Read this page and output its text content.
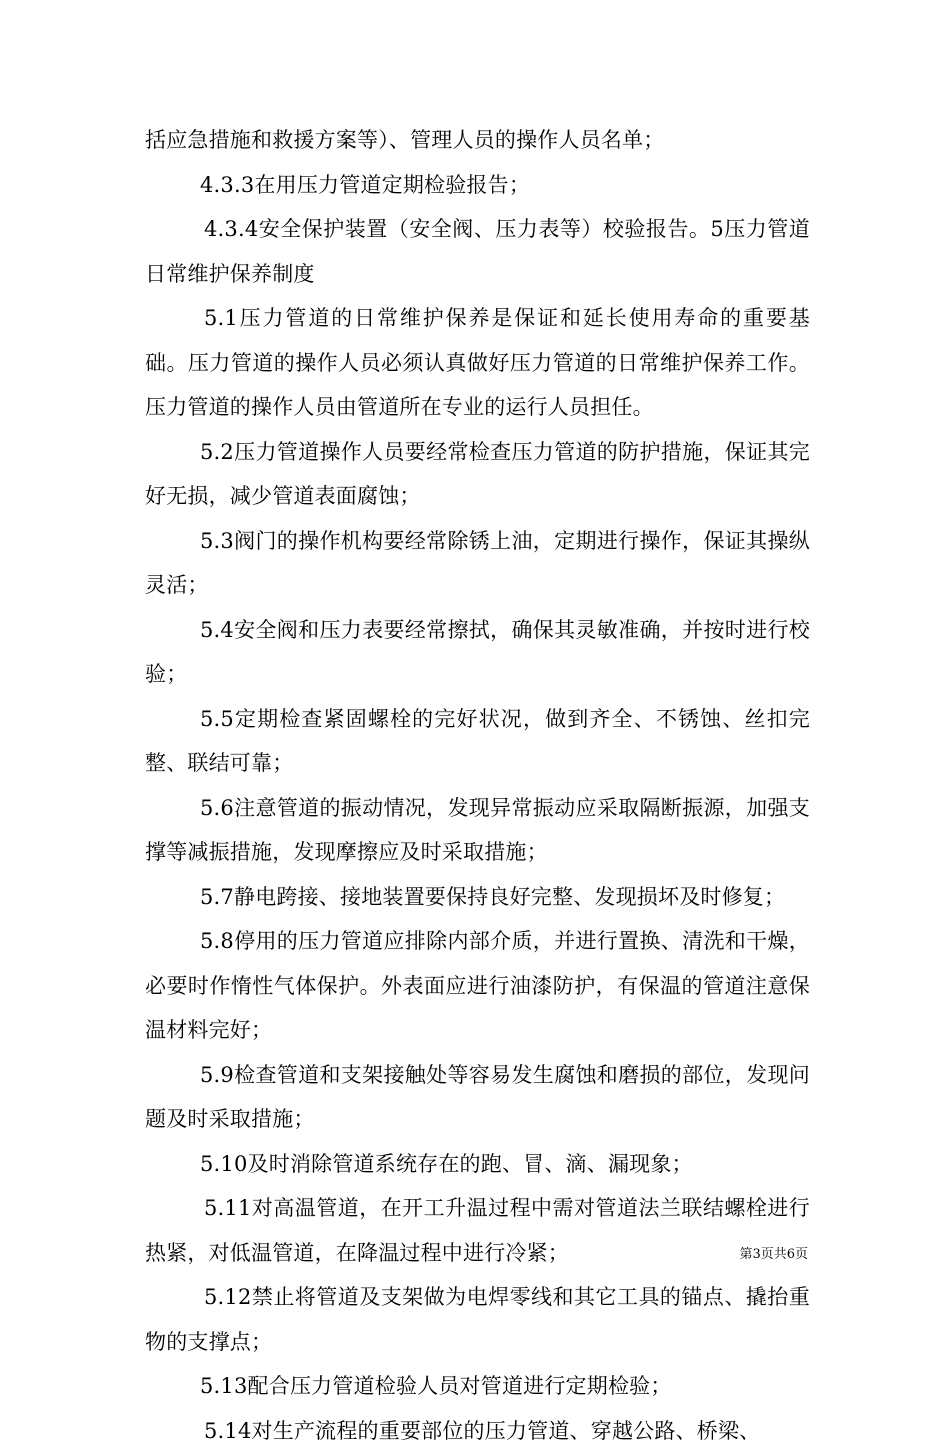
括应急措施和救援方案等）、管理人员的操作人员名单；

4.3.3在用压力管道定期检验报告；

4.3.4安全保护装置（安全阀、压力表等）校验报告。5压力管道日常维护保养制度

5.1压力管道的日常维护保养是保证和延长使用寿命的重要基础。压力管道的操作人员必须认真做好压力管道的日常维护保养工作。压力管道的操作人员由管道所在专业的运行人员担任。

5.2压力管道操作人员要经常检查压力管道的防护措施，保证其完好无损，减少管道表面腐蚀；

5.3阀门的操作机构要经常除锈上油，定期进行操作，保证其操纵灵活；

5.4安全阀和压力表要经常擦拭，确保其灵敏准确，并按时进行校验；

5.5定期检查紧固螺栓的完好状况，做到齐全、不锈蚀、丝扣完整、联结可靠；

5.6注意管道的振动情况，发现异常振动应采取隔断振源，加强支撑等减振措施，发现摩擦应及时采取措施；

5.7静电跨接、接地装置要保持良好完整、发现损坏及时修复；

5.8停用的压力管道应排除内部介质，并进行置换、清洗和干燥，必要时作惰性气体保护。外表面应进行油漆防护，有保温的管道注意保温材料完好；

5.9检查管道和支架接触处等容易发生腐蚀和磨损的部位，发现问题及时采取措施；

5.10及时消除管道系统存在的跑、冒、滴、漏现象；

5.11对高温管道，在开工升温过程中需对管道法兰联结螺栓进行热紧，对低温管道，在降温过程中进行冷紧；

5.12禁止将管道及支架做为电焊零线和其它工具的锚点、撬抬重物的支撑点；

5.13配合压力管道检验人员对管道进行定期检验；

5.14对生产流程的重要部位的压力管道、穿越公路、桥梁、

第3页共6页
